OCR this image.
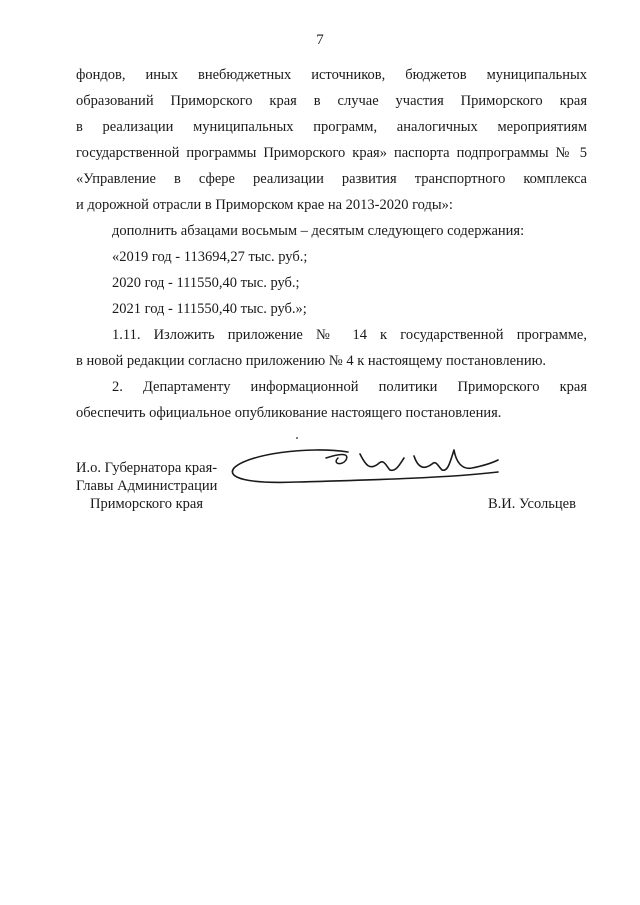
7
фондов, иных внебюджетных источников, бюджетов муниципальных
образований Приморского края в случае участия Приморского края
в реализации муниципальных программ, аналогичных мероприятиям
государственной программы Приморского края» паспорта подпрограммы № 5
«Управление в сфере реализации развития транспортного комплекса
и дорожной отрасли в Приморском крае на 2013-2020 годы»:
дополнить абзацами восьмым – десятым следующего содержания:
«2019 год - 113694,27 тыс. руб.;
2020 год - 111550,40 тыс. руб.;
2021 год - 111550,40 тыс. руб.»;
1.11. Изложить приложение № 14 к государственной программе,
в новой редакции согласно приложению № 4 к настоящему постановлению.
2. Департаменту информационной политики Приморского края
обеспечить официальное опубликование настоящего постановления.
И.о. Губернатора края-
Главы Администрации
Приморского края	В.И. Усольцев
